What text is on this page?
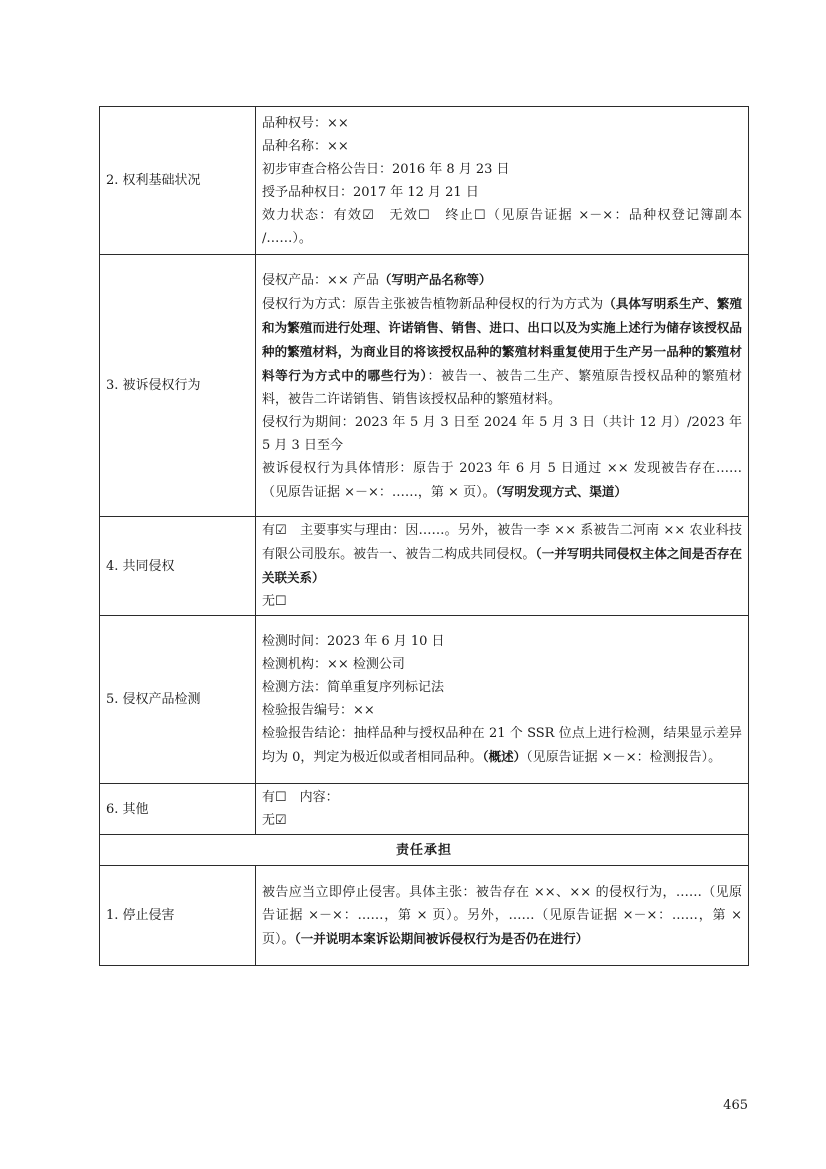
2. 权利基础状况	品种权号：××

品种名称：××

初步审查合格公告日：2016 年 8 月 23 日

授予品种权日：2017 年 12 月 21 日

效力状态：有效☑　无效☐　终止☐（见原告证据 ×－×：品种权登记簿副本 /……）。

3. 被诉侵权行为	侵权产品：×× 产品（写明产品名称等）

侵权行为方式：原告主张被告植物新品种侵权的行为方式为（具体写明系生产、繁殖和为繁殖而进行处理、许诺销售、销售、进口、出口以及为实施上述行为储存该授权品种的繁殖材料，为商业目的将该授权品种的繁殖材料重复使用于生产另一品种的繁殖材料等行为方式中的哪些行为）：被告一、被告二生产、繁殖原告授权品种的繁殖材料，被告二许诺销售、销售该授权品种的繁殖材料。

侵权行为期间：2023 年 5 月 3 日至 2024 年 5 月 3 日（共计 12 月）/2023 年 5 月 3 日至今

被诉侵权行为具体情形：原告于 2023 年 6 月 5 日通过 ×× 发现被告存在……（见原告证据 ×－×：……，第 × 页）。（写明发现方式、渠道）

4. 共同侵权	有☑　主要事实与理由：因……。另外，被告一李 ×× 系被告二河南 ×× 农业科技有限公司股东。被告一、被告二构成共同侵权。（一并写明共同侵权主体之间是否存在关联关系）

无☐

5. 侵权产品检测	检测时间：2023 年 6 月 10 日

检测机构：×× 检测公司

检测方法：简单重复序列标记法

检验报告编号：××

检验报告结论：抽样品种与授权品种在 21 个 SSR 位点上进行检测，结果显示差异均为 0，判定为极近似或者相同品种。（概述）（见原告证据 ×－×：检测报告）。

6. 其他	有☐　内容：

无☑

责任承担	
1. 停止侵害	被告应当立即停止侵害。具体主张：被告存在 ××、×× 的侵权行为，……（见原告证据 ×－×：……，第 × 页）。另外，……（见原告证据 ×－×：……，第 × 页）。（一并说明本案诉讼期间被诉侵权行为是否仍在进行）

465
